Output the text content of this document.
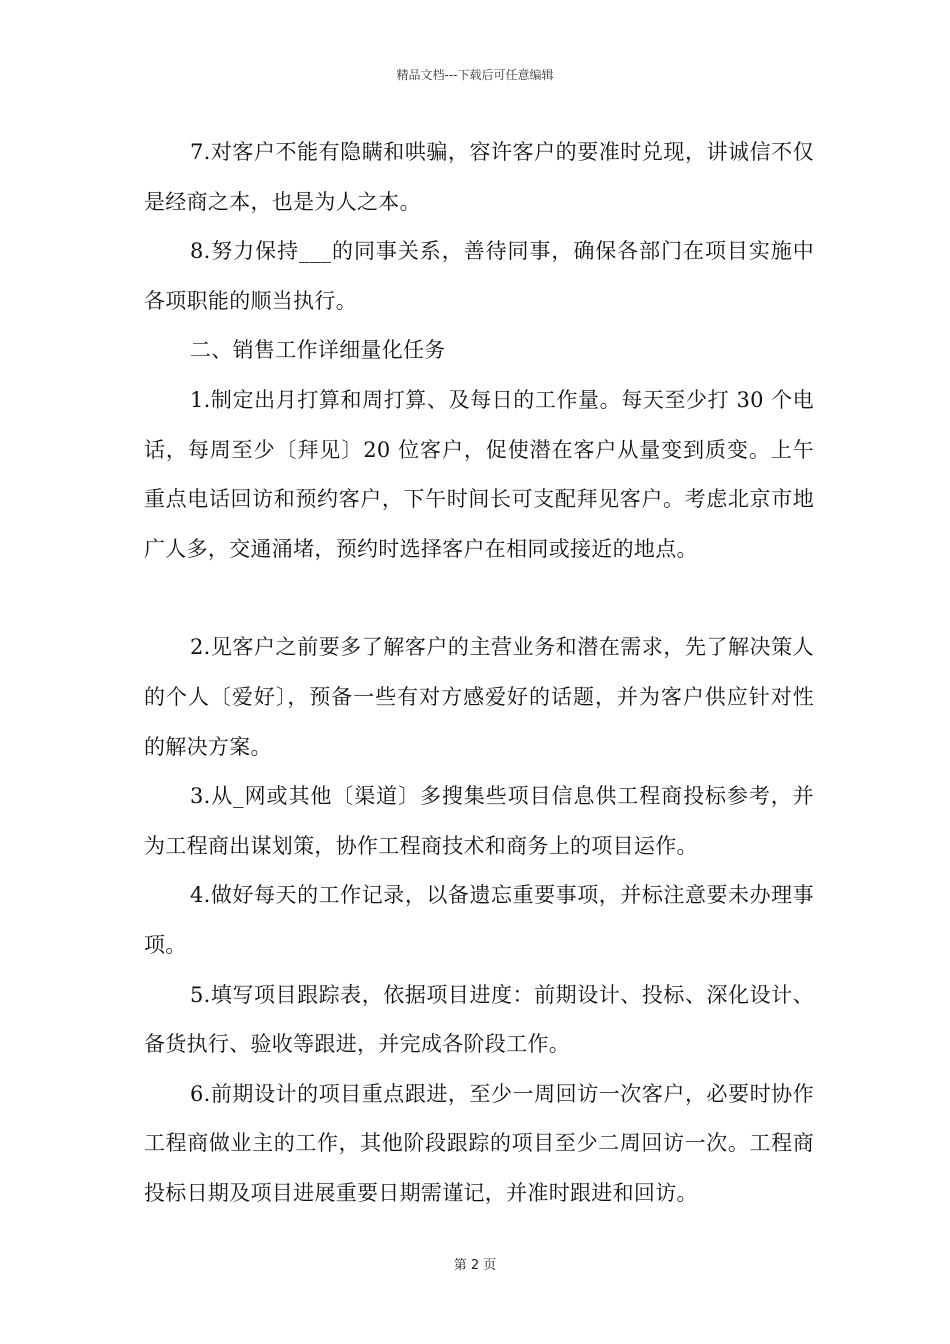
精品文档---下载后可任意编辑

7.对客户不能有隐瞒和哄骗，容许客户的要准时兑现，讲诚信不仅是经商之本，也是为人之本。

8.努力保持___的同事关系，善待同事，确保各部门在项目实施中各项职能的顺当执行。

二、销售工作详细量化任务

1.制定出月打算和周打算、及每日的工作量。每天至少打 30 个电话，每周至少〔拜见〕20 位客户，促使潜在客户从量变到质变。上午重点电话回访和预约客户，下午时间长可支配拜见客户。考虑北京市地广人多，交通涌堵，预约时选择客户在相同或接近的地点。

2.见客户之前要多了解客户的主营业务和潜在需求，先了解决策人的个人〔爱好〕，预备一些有对方感爱好的话题，并为客户供应针对性的解决方案。

3.从_网或其他〔渠道〕多搜集些项目信息供工程商投标参考，并为工程商出谋划策，协作工程商技术和商务上的项目运作。

4.做好每天的工作记录，以备遗忘重要事项，并标注意要未办理事项。

5.填写项目跟踪表，依据项目进度：前期设计、投标、深化设计、备货执行、验收等跟进，并完成各阶段工作。

6.前期设计的项目重点跟进，至少一周回访一次客户，必要时协作工程商做业主的工作，其他阶段跟踪的项目至少二周回访一次。工程商投标日期及项目进展重要日期需谨记，并准时跟进和回访。

第 2 页
